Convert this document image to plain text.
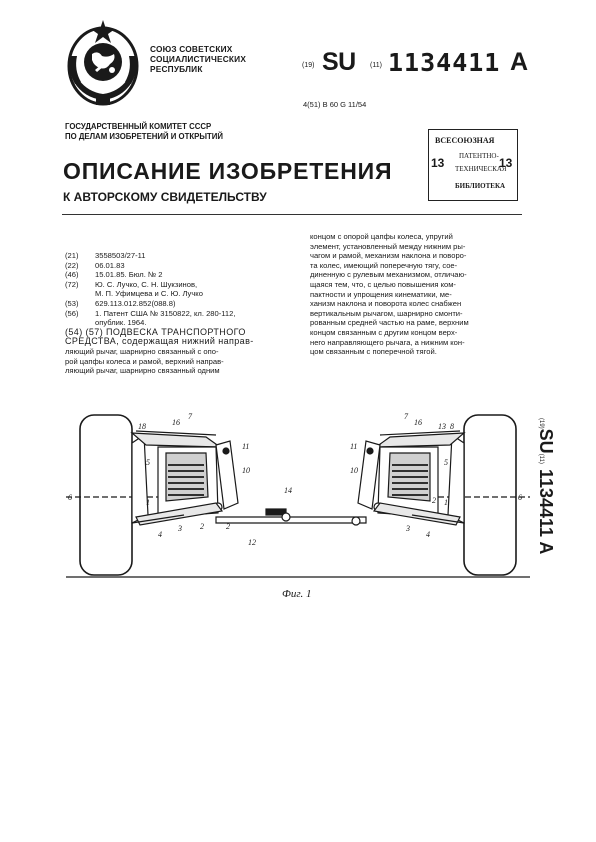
СОЮЗ СОВЕТСКИХ
СОЦИАЛИСТИЧЕСКИХ
РЕСПУБЛИК	(19) SU (11) 1134411 A
4(51) B 60 G 11/54
ГОСУДАРСТВЕННЫЙ КОМИТЕТ СССР
ПО ДЕЛАМ ИЗОБРЕТЕНИЙ И ОТКРЫТИЙ
ОПИСАНИЕ ИЗОБРЕТЕНИЯ
К АВТОРСКОМУ СВИДЕТЕЛЬСТВУ
ВСЕСОЮЗНАЯ
ПАТЕНТНО-
ТЕХНИЧЕСКАЯ
БИБЛИОТЕКА
13	13
(21) 3558503/27-11
(22) 06.01.83
(46) 15.01.85. Бюл. № 2
(72) Ю. С. Лучко, С. Н. Шукзинов,
М. П. Уфимцева и С. Ю. Лучко
(53) 629.113.012.852(088.8)
(56) 1. Патент США № 3150822, кл. 280-112,
опублик. 1964.
(54) (57) ПОДВЕСКА ТРАНСПОРТНОГО
СРЕДСТВА, содержащая нижний направ-
ляющий рычаг, шарнирно связанный с опо-
рой цапфы колеса и рамой, верхний направ-
ляющий рычаг, шарнирно связанный одним
концом с опорой цапфы колеса, упругий
элемент, установленный между нижним ры-
чагом и рамой, механизм наклона и поворо-
та колес, имеющий поперечную тягу, сое-
диненную с рулевым механизмом, отличаю-
щаяся тем, что, с целью повышения ком-
пактности и упрощения кинематики, ме-
ханизм наклона и поворота колес снабжен
вертикальным рычагом, шарнирно смонти-
рованным средней частью на раме, верхним
концом связанным с другим концом верх-
него направляющего рычага, а нижним кон-
цом связанным с поперечной тягой.
6
18	16
7
5
11
10
1
2
3
4
2
14
12
11
10
7
16 13 8
5
2 1
3
4
6
Фиг. 1
(19)SU(11) 1134411 A
